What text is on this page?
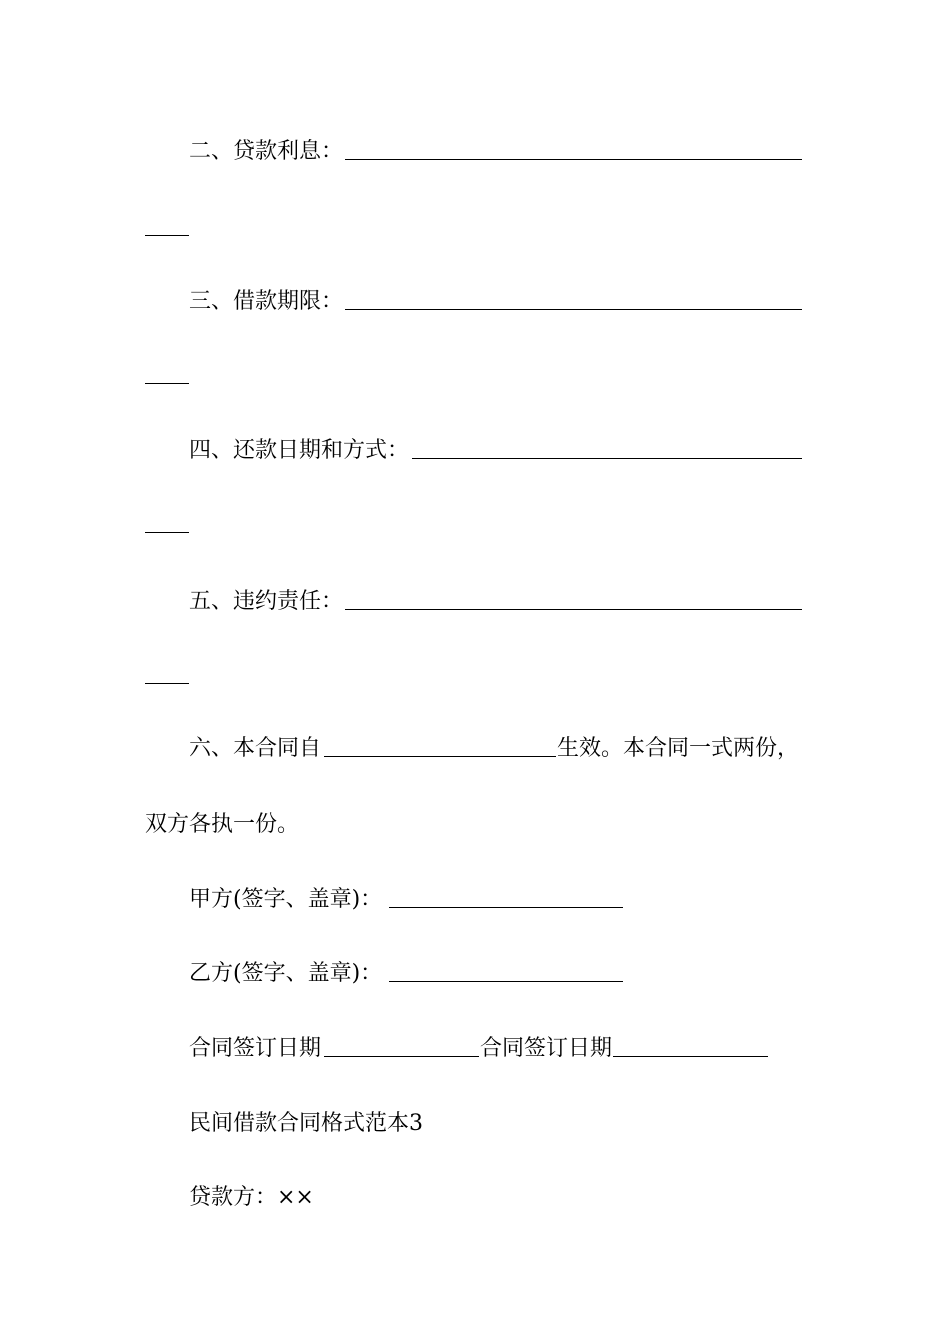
二、贷款利息：
三、借款期限：
四、还款日期和方式：
五、违约责任：
六、本合同自	生效。本合同一式两份，
双方各执一份。
甲方(签字、盖章)：
乙方(签字、盖章)：
合同签订日期	合同签订日期
民间借款合同格式范本3
贷款方：××
